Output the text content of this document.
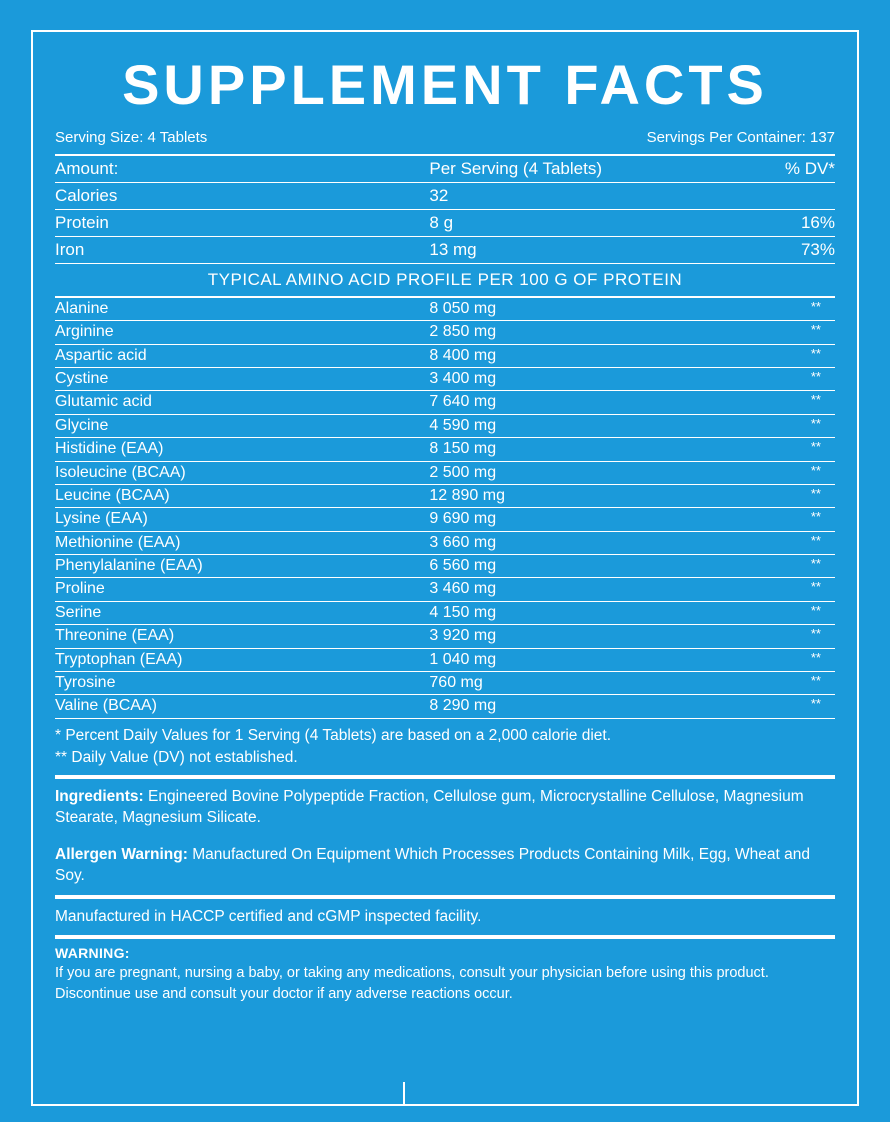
SUPPLEMENT FACTS
Serving Size: 4 Tablets	Servings Per Container: 137
Amount:	Per Serving (4 Tablets)	% DV*
Calories	32	
Protein	8 g	16%
Iron	13 mg	73%
TYPICAL AMINO ACID PROFILE PER 100 G OF PROTEIN
Alanine	8 050 mg	**
Arginine	2 850 mg	**
Aspartic acid	8 400 mg	**
Cystine	3 400 mg	**
Glutamic acid	7 640 mg	**
Glycine	4 590 mg	**
Histidine (EAA)	8 150 mg	**
Isoleucine (BCAA)	2 500 mg	**
Leucine (BCAA)	12 890 mg	**
Lysine (EAA)	9 690 mg	**
Methionine (EAA)	3 660 mg	**
Phenylalanine (EAA)	6 560 mg	**
Proline	3 460 mg	**
Serine	4 150 mg	**
Threonine (EAA)	3 920 mg	**
Tryptophan (EAA)	1 040 mg	**
Tyrosine	760 mg	**
Valine (BCAA)	8 290 mg	**
* Percent Daily Values for 1 Serving (4 Tablets) are based on a 2,000 calorie diet.
** Daily Value (DV) not established.
Ingredients: Engineered Bovine Polypeptide Fraction, Cellulose gum, Microcrystalline Cellulose, Magnesium Stearate, Magnesium Silicate.
Allergen Warning: Manufactured On Equipment Which Processes Products Containing Milk, Egg, Wheat and Soy.
Manufactured in HACCP certified and cGMP inspected facility.
WARNING:
If you are pregnant, nursing a baby, or taking any medications, consult your physician before using this product. Discontinue use and consult your doctor if any adverse reactions occur.
